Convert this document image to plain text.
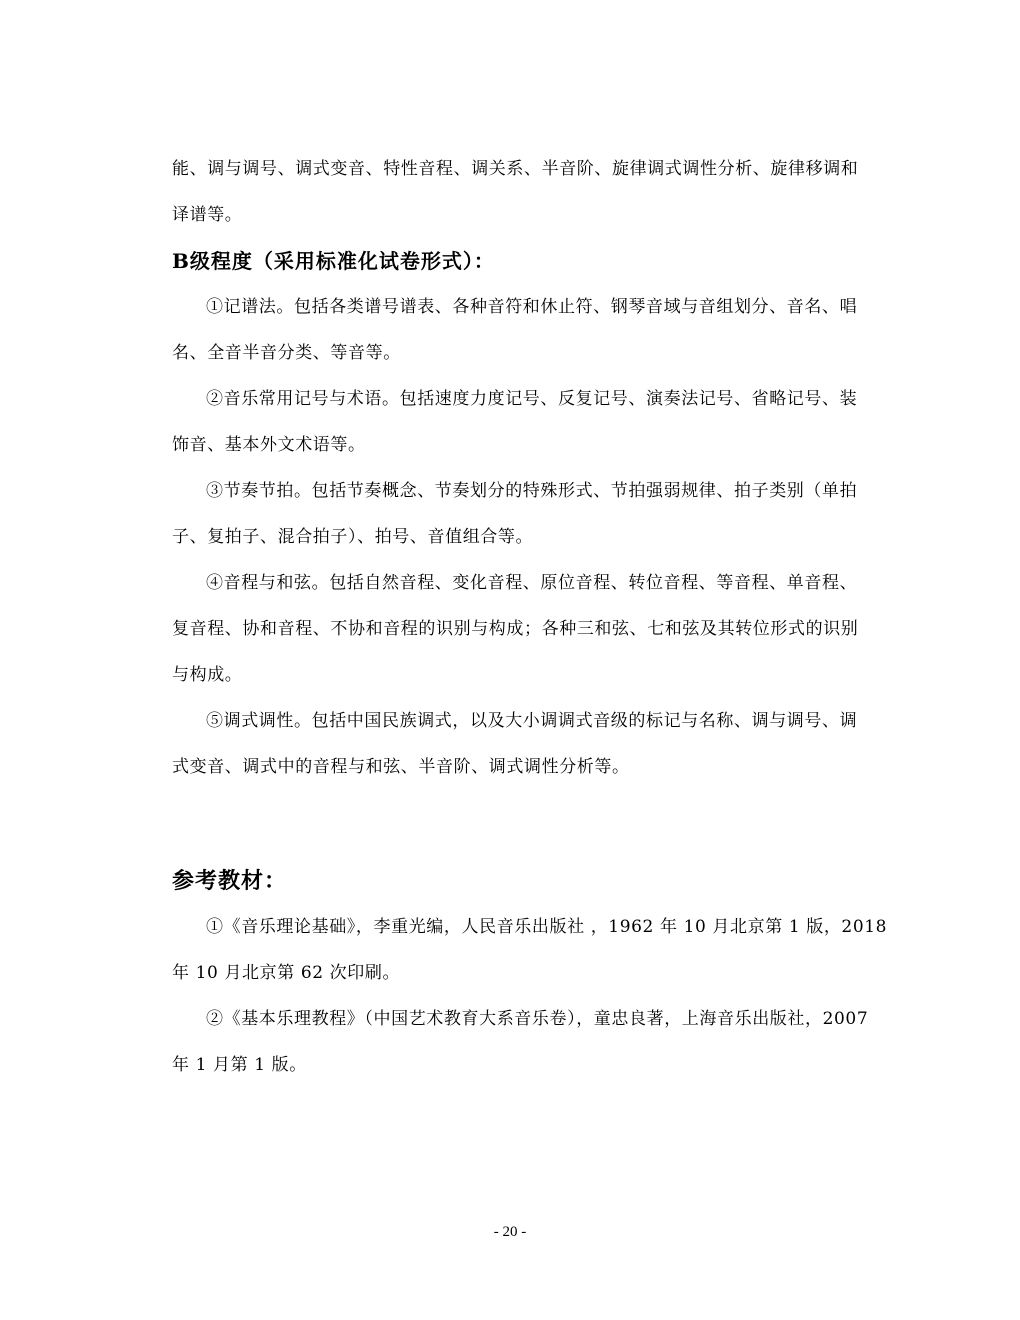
能、调与调号、调式变音、特性音程、调关系、半音阶、旋律调式调性分析、旋律移调和
译谱等。
B级程度（采用标准化试卷形式）：
①记谱法。包括各类谱号谱表、各种音符和休止符、钢琴音域与音组划分、音名、唱
名、全音半音分类、等音等。
②音乐常用记号与术语。包括速度力度记号、反复记号、演奏法记号、省略记号、装
饰音、基本外文术语等。
③节奏节拍。包括节奏概念、节奏划分的特殊形式、节拍强弱规律、拍子类别（单拍
子、复拍子、混合拍子）、拍号、音值组合等。
④音程与和弦。包括自然音程、变化音程、原位音程、转位音程、等音程、单音程、
复音程、协和音程、不协和音程的识别与构成；各种三和弦、七和弦及其转位形式的识别
与构成。
⑤调式调性。包括中国民族调式，以及大小调调式音级的标记与名称、调与调号、调
式变音、调式中的音程与和弦、半音阶、调式调性分析等。
参考教材：
①《音乐理论基础》，李重光编，人民音乐出版社 ，1962 年 10 月北京第 1 版，2018
年 10 月北京第 62 次印刷。
②《基本乐理教程》（中国艺术教育大系音乐卷），童忠良著，上海音乐出版社，2007
年 1 月第 1 版。
- 20 -
